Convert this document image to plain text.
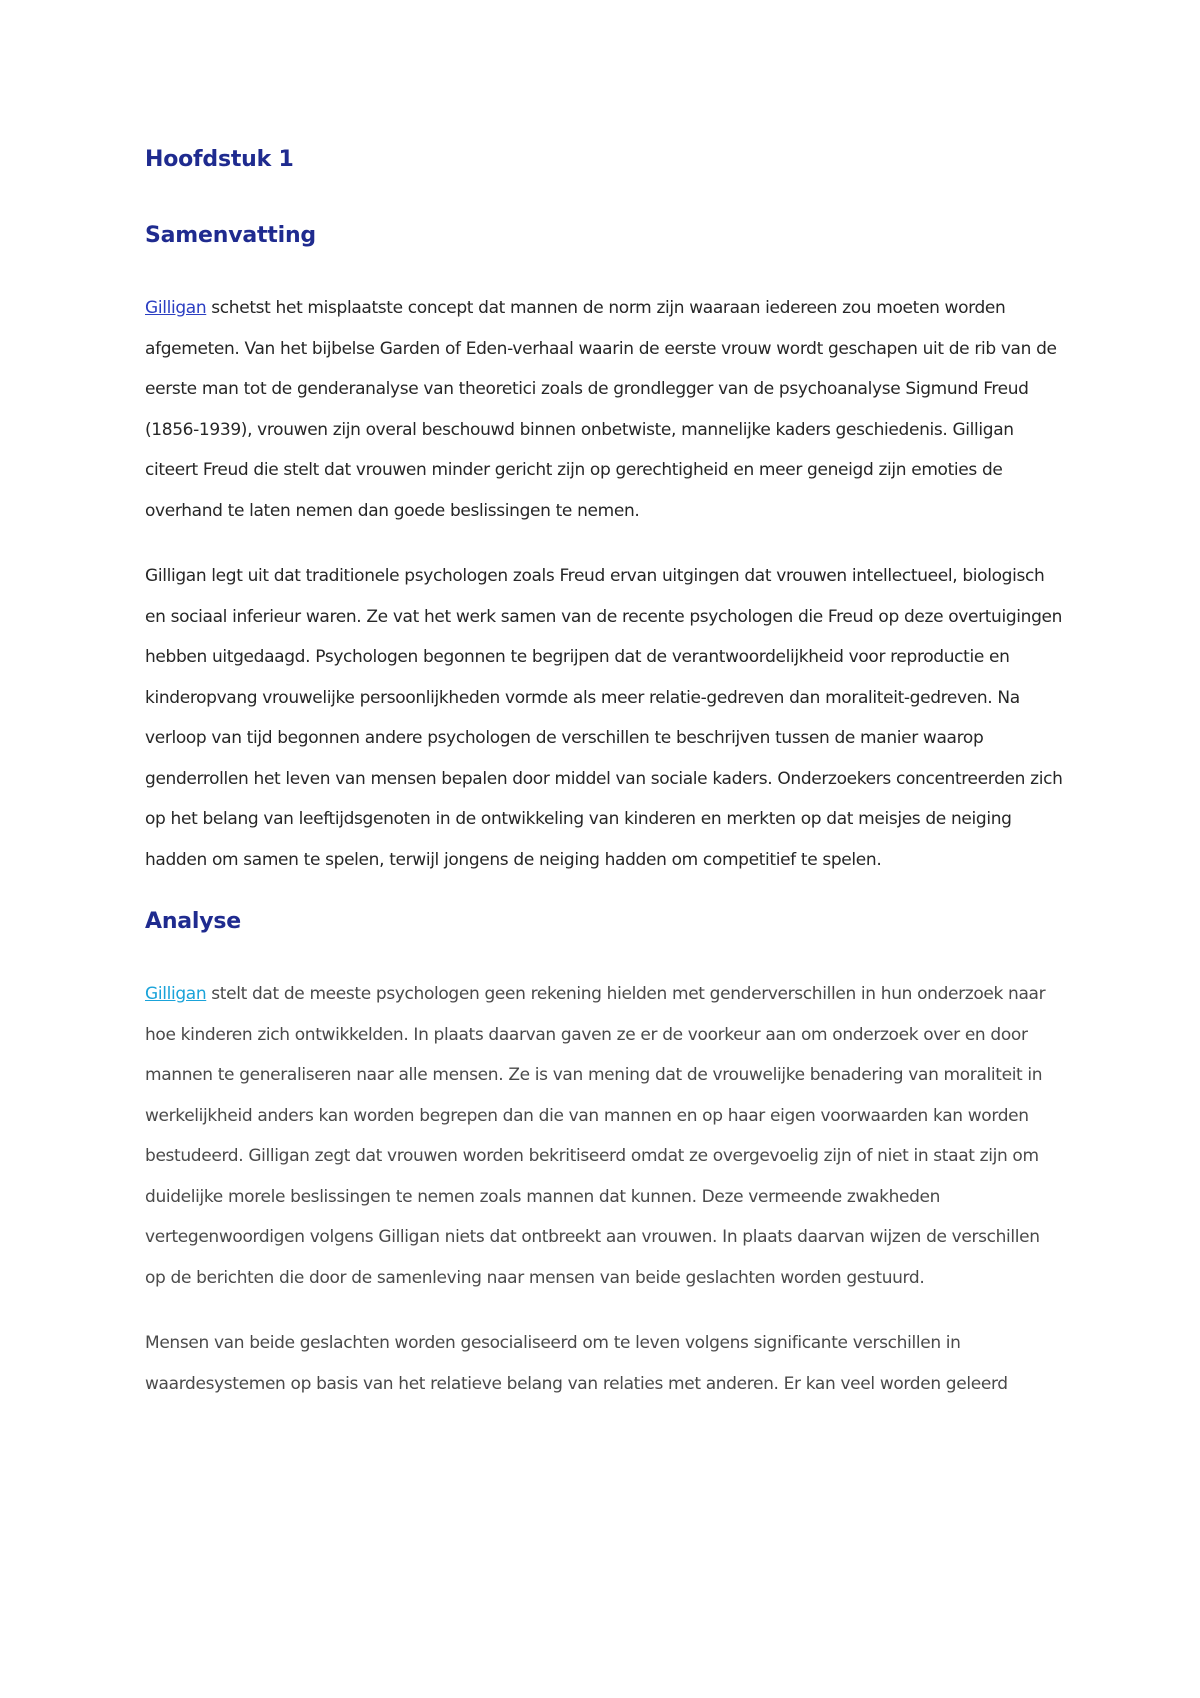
Hoofdstuk 1
Samenvatting

Gilligan schetst het misplaatste concept dat mannen de norm zijn waaraan iedereen zou moeten worden afgemeten. Van het bijbelse Garden of Eden-verhaal waarin de eerste vrouw wordt geschapen uit de rib van de eerste man tot de genderanalyse van theoretici zoals de grondlegger van de psychoanalyse Sigmund Freud (1856-1939), vrouwen zijn overal beschouwd binnen onbetwiste, mannelijke kaders geschiedenis. Gilligan citeert Freud die stelt dat vrouwen minder gericht zijn op gerechtigheid en meer geneigd zijn emoties de overhand te laten nemen dan goede beslissingen te nemen.

Gilligan legt uit dat traditionele psychologen zoals Freud ervan uitgingen dat vrouwen intellectueel, biologisch en sociaal inferieur waren. Ze vat het werk samen van de recente psychologen die Freud op deze overtuigingen hebben uitgedaagd. Psychologen begonnen te begrijpen dat de verantwoordelijkheid voor reproductie en kinderopvang vrouwelijke persoonlijkheden vormde als meer relatie-gedreven dan moraliteit-gedreven. Na verloop van tijd begonnen andere psychologen de verschillen te beschrijven tussen de manier waarop genderrollen het leven van mensen bepalen door middel van sociale kaders. Onderzoekers concentreerden zich op het belang van leeftijdsgenoten in de ontwikkeling van kinderen en merkten op dat meisjes de neiging hadden om samen te spelen, terwijl jongens de neiging hadden om competitief te spelen.

Analyse

Gilligan stelt dat de meeste psychologen geen rekening hielden met genderverschillen in hun onderzoek naar hoe kinderen zich ontwikkelden. In plaats daarvan gaven ze er de voorkeur aan om onderzoek over en door mannen te generaliseren naar alle mensen. Ze is van mening dat de vrouwelijke benadering van moraliteit in werkelijkheid anders kan worden begrepen dan die van mannen en op haar eigen voorwaarden kan worden bestudeerd. Gilligan zegt dat vrouwen worden bekritiseerd omdat ze overgevoelig zijn of niet in staat zijn om duidelijke morele beslissingen te nemen zoals mannen dat kunnen. Deze vermeende zwakheden vertegenwoordigen volgens Gilligan niets dat ontbreekt aan vrouwen. In plaats daarvan wijzen de verschillen op de berichten die door de samenleving naar mensen van beide geslachten worden gestuurd.

Mensen van beide geslachten worden gesocialiseerd om te leven volgens significante verschillen in waardesystemen op basis van het relatieve belang van relaties met anderen. Er kan veel worden geleerd
